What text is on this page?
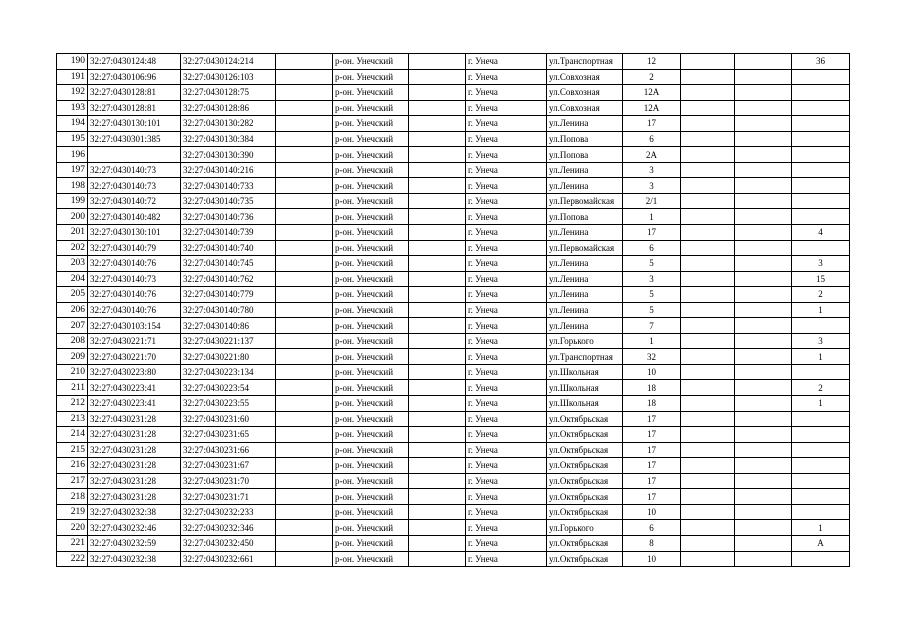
190	32:27:0430124:48	32:27:0430124:214		р-он. Унечский		г. Унеча	ул.Транспортная	12			36
191	32:27:0430106:96	32:27:0430126:103		р-он. Унечский		г. Унеча	ул.Совхозная	2			
192	32:27:0430128:81	32:27:0430128:75		р-он. Унечский		г. Унеча	ул.Совхозная	12А			
193	32:27:0430128:81	32:27:0430128:86		р-он. Унечский		г. Унеча	ул.Совхозная	12А			
194	32:27:0430130:101	32:27:0430130:282		р-он. Унечский		г. Унеча	ул.Ленина	17			
195	32:27:0430301:385	32:27:0430130:384		р-он. Унечский		г. Унеча	ул.Попова	6			
196		32:27:0430130:390		р-он. Унечский		г. Унеча	ул.Попова	2А			
197	32:27:0430140:73	32:27:0430140:216		р-он. Унечский		г. Унеча	ул.Ленина	3			
198	32:27:0430140:73	32:27:0430140:733		р-он. Унечский		г. Унеча	ул.Ленина	3			
199	32:27:0430140:72	32:27:0430140:735		р-он. Унечский		г. Унеча	ул.Первомайская	2/1			
200	32:27:0430140:482	32:27:0430140:736		р-он. Унечский		г. Унеча	ул.Попова	1			
201	32:27:0430130:101	32:27:0430140:739		р-он. Унечский		г. Унеча	ул.Ленина	17			4
202	32:27:0430140:79	32:27:0430140:740		р-он. Унечский		г. Унеча	ул.Первомайская	6			
203	32:27:0430140:76	32:27:0430140:745		р-он. Унечский		г. Унеча	ул.Ленина	5			3
204	32:27:0430140:73	32:27:0430140:762		р-он. Унечский		г. Унеча	ул.Ленина	3			15
205	32:27:0430140:76	32:27:0430140:779		р-он. Унечский		г. Унеча	ул.Ленина	5			2
206	32:27:0430140:76	32:27:0430140:780		р-он. Унечский		г. Унеча	ул.Ленина	5			1
207	32:27:0430103:154	32:27:0430140:86		р-он. Унечский		г. Унеча	ул.Ленина	7			
208	32:27:0430221:71	32:27:0430221:137		р-он. Унечский		г. Унеча	ул.Горького	1			3
209	32:27:0430221:70	32:27:0430221:80		р-он. Унечский		г. Унеча	ул.Транспортная	32			1
210	32:27:0430223:80	32:27:0430223:134		р-он. Унечский		г. Унеча	ул.Школьная	10			
211	32:27:0430223:41	32:27:0430223:54		р-он. Унечский		г. Унеча	ул.Школьная	18			2
212	32:27:0430223:41	32:27:0430223:55		р-он. Унечский		г. Унеча	ул.Школьная	18			1
213	32:27:0430231:28	32:27:0430231:60		р-он. Унечский		г. Унеча	ул.Октябрьская	17			
214	32:27:0430231:28	32:27:0430231:65		р-он. Унечский		г. Унеча	ул.Октябрьская	17			
215	32:27:0430231:28	32:27:0430231:66		р-он. Унечский		г. Унеча	ул.Октябрьская	17			
216	32:27:0430231:28	32:27:0430231:67		р-он. Унечский		г. Унеча	ул.Октябрьская	17			
217	32:27:0430231:28	32:27:0430231:70		р-он. Унечский		г. Унеча	ул.Октябрьская	17			
218	32:27:0430231:28	32:27:0430231:71		р-он. Унечский		г. Унеча	ул.Октябрьская	17			
219	32:27:0430232:38	32:27:0430232:233		р-он. Унечский		г. Унеча	ул.Октябрьская	10			
220	32:27:0430232:46	32:27:0430232:346		р-он. Унечский		г. Унеча	ул.Горького	6			1
221	32:27:0430232:59	32:27:0430232:450		р-он. Унечский		г. Унеча	ул.Октябрьская	8			А
222	32:27:0430232:38	32:27:0430232:661		р-он. Унечский		г. Унеча	ул.Октябрьская	10			
